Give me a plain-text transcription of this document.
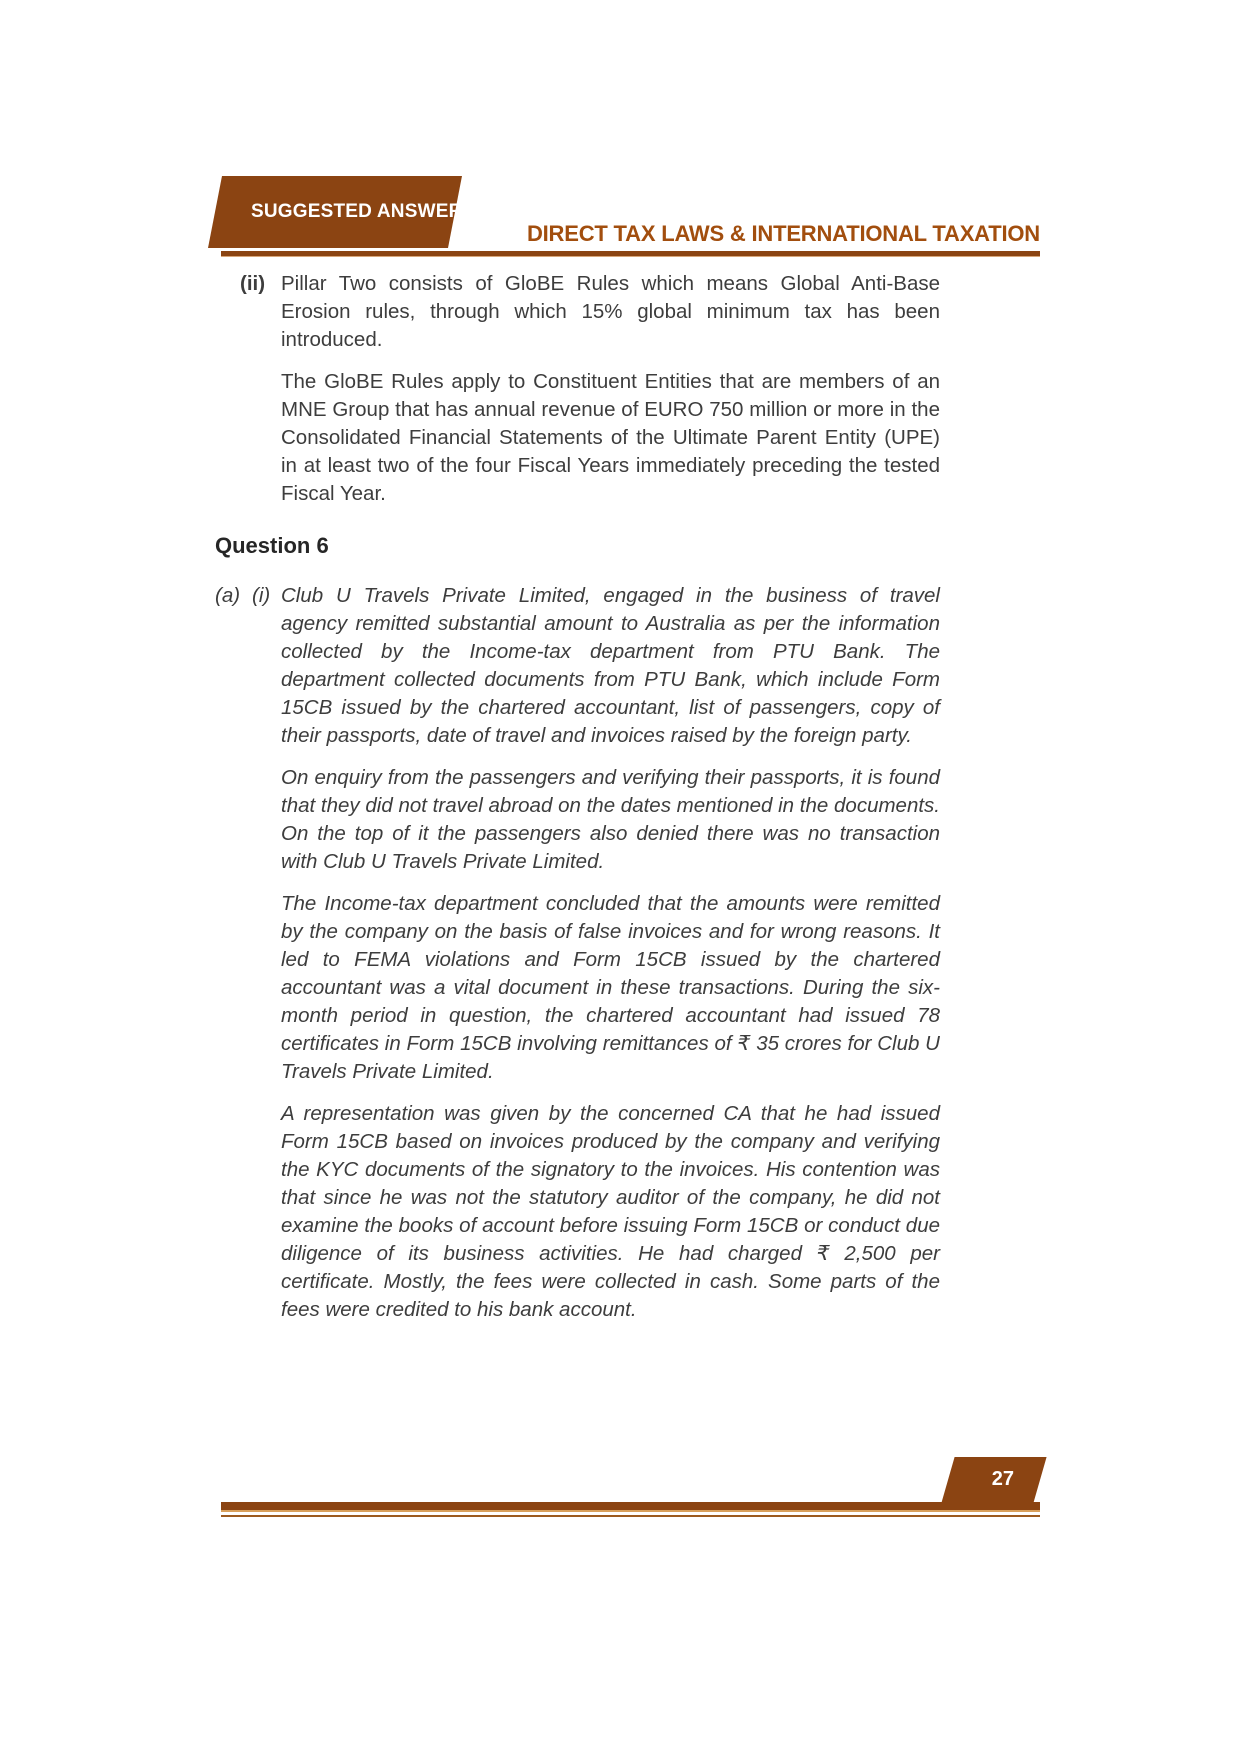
SUGGESTED ANSWER
DIRECT TAX LAWS & INTERNATIONAL TAXATION
(ii) Pillar Two consists of GloBE Rules which means Global Anti-Base Erosion rules, through which 15% global minimum tax has been introduced.

The GloBE Rules apply to Constituent Entities that are members of an MNE Group that has annual revenue of EURO 750 million or more in the Consolidated Financial Statements of the Ultimate Parent Entity (UPE) in at least two of the four Fiscal Years immediately preceding the tested Fiscal Year.

Question 6
(a) (i) Club U Travels Private Limited, engaged in the business of travel agency remitted substantial amount to Australia as per the information collected by the Income-tax department from PTU Bank. The department collected documents from PTU Bank, which include Form 15CB issued by the chartered accountant, list of passengers, copy of their passports, date of travel and invoices raised by the foreign party.

On enquiry from the passengers and verifying their passports, it is found that they did not travel abroad on the dates mentioned in the documents. On the top of it the passengers also denied there was no transaction with Club U Travels Private Limited.

The Income-tax department concluded that the amounts were remitted by the company on the basis of false invoices and for wrong reasons. It led to FEMA violations and Form 15CB issued by the chartered accountant was a vital document in these transactions. During the six-month period in question, the chartered accountant had issued 78 certificates in Form 15CB involving remittances of ₹ 35 crores for Club U Travels Private Limited.

A representation was given by the concerned CA that he had issued Form 15CB based on invoices produced by the company and verifying the KYC documents of the signatory to the invoices. His contention was that since he was not the statutory auditor of the company, he did not examine the books of account before issuing Form 15CB or conduct due diligence of its business activities. He had charged ₹ 2,500 per certificate. Mostly, the fees were collected in cash. Some parts of the fees were credited to his bank account.

27
